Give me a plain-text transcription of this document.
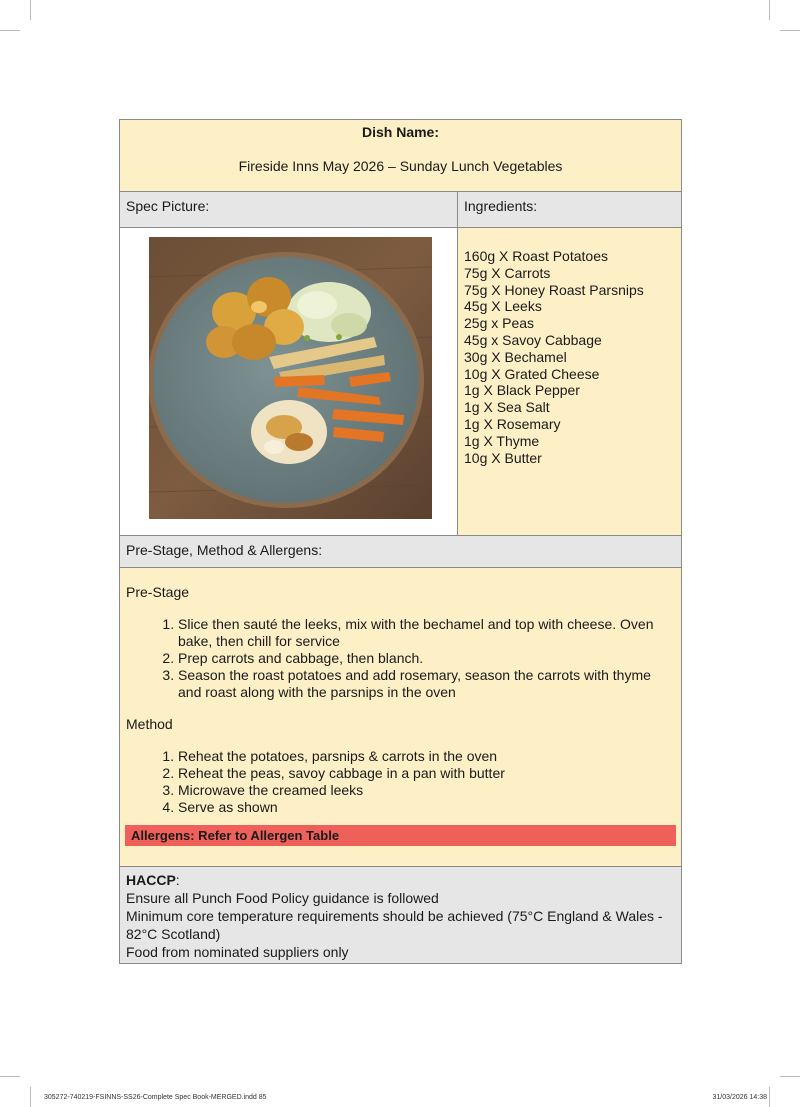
Dish Name:
Fireside Inns May 2026 – Sunday Lunch Vegetables
Spec Picture:	Ingredients:
160g X Roast Potatoes
75g X Carrots
75g X Honey Roast Parsnips
45g X Leeks
25g x Peas
45g x Savoy Cabbage
30g X Bechamel
10g X Grated Cheese
1g X Black Pepper
1g X Sea Salt
1g X Rosemary
1g X Thyme
10g X Butter
Pre-Stage, Method & Allergens:

Pre-Stage

1. Slice then sauté the leeks, mix with the bechamel and top with cheese. Oven bake, then chill for service
2. Prep carrots and cabbage, then blanch.
3. Season the roast potatoes and add rosemary, season the carrots with thyme and roast along with the parsnips in the oven

Method

1. Reheat the potatoes, parsnips & carrots in the oven
2. Reheat the peas, savoy cabbage in a pan with butter
3. Microwave the creamed leeks
4. Serve as shown
Allergens: Refer to Allergen Table
HACCP:
Ensure all Punch Food Policy guidance is followed
Minimum core temperature requirements should be achieved (75°C England & Wales - 82°C Scotland)
Food from nominated suppliers only
305272-740219-FSINNS-SS26-Complete Spec Book-MERGED.indd 85	31/03/2026 14:38
